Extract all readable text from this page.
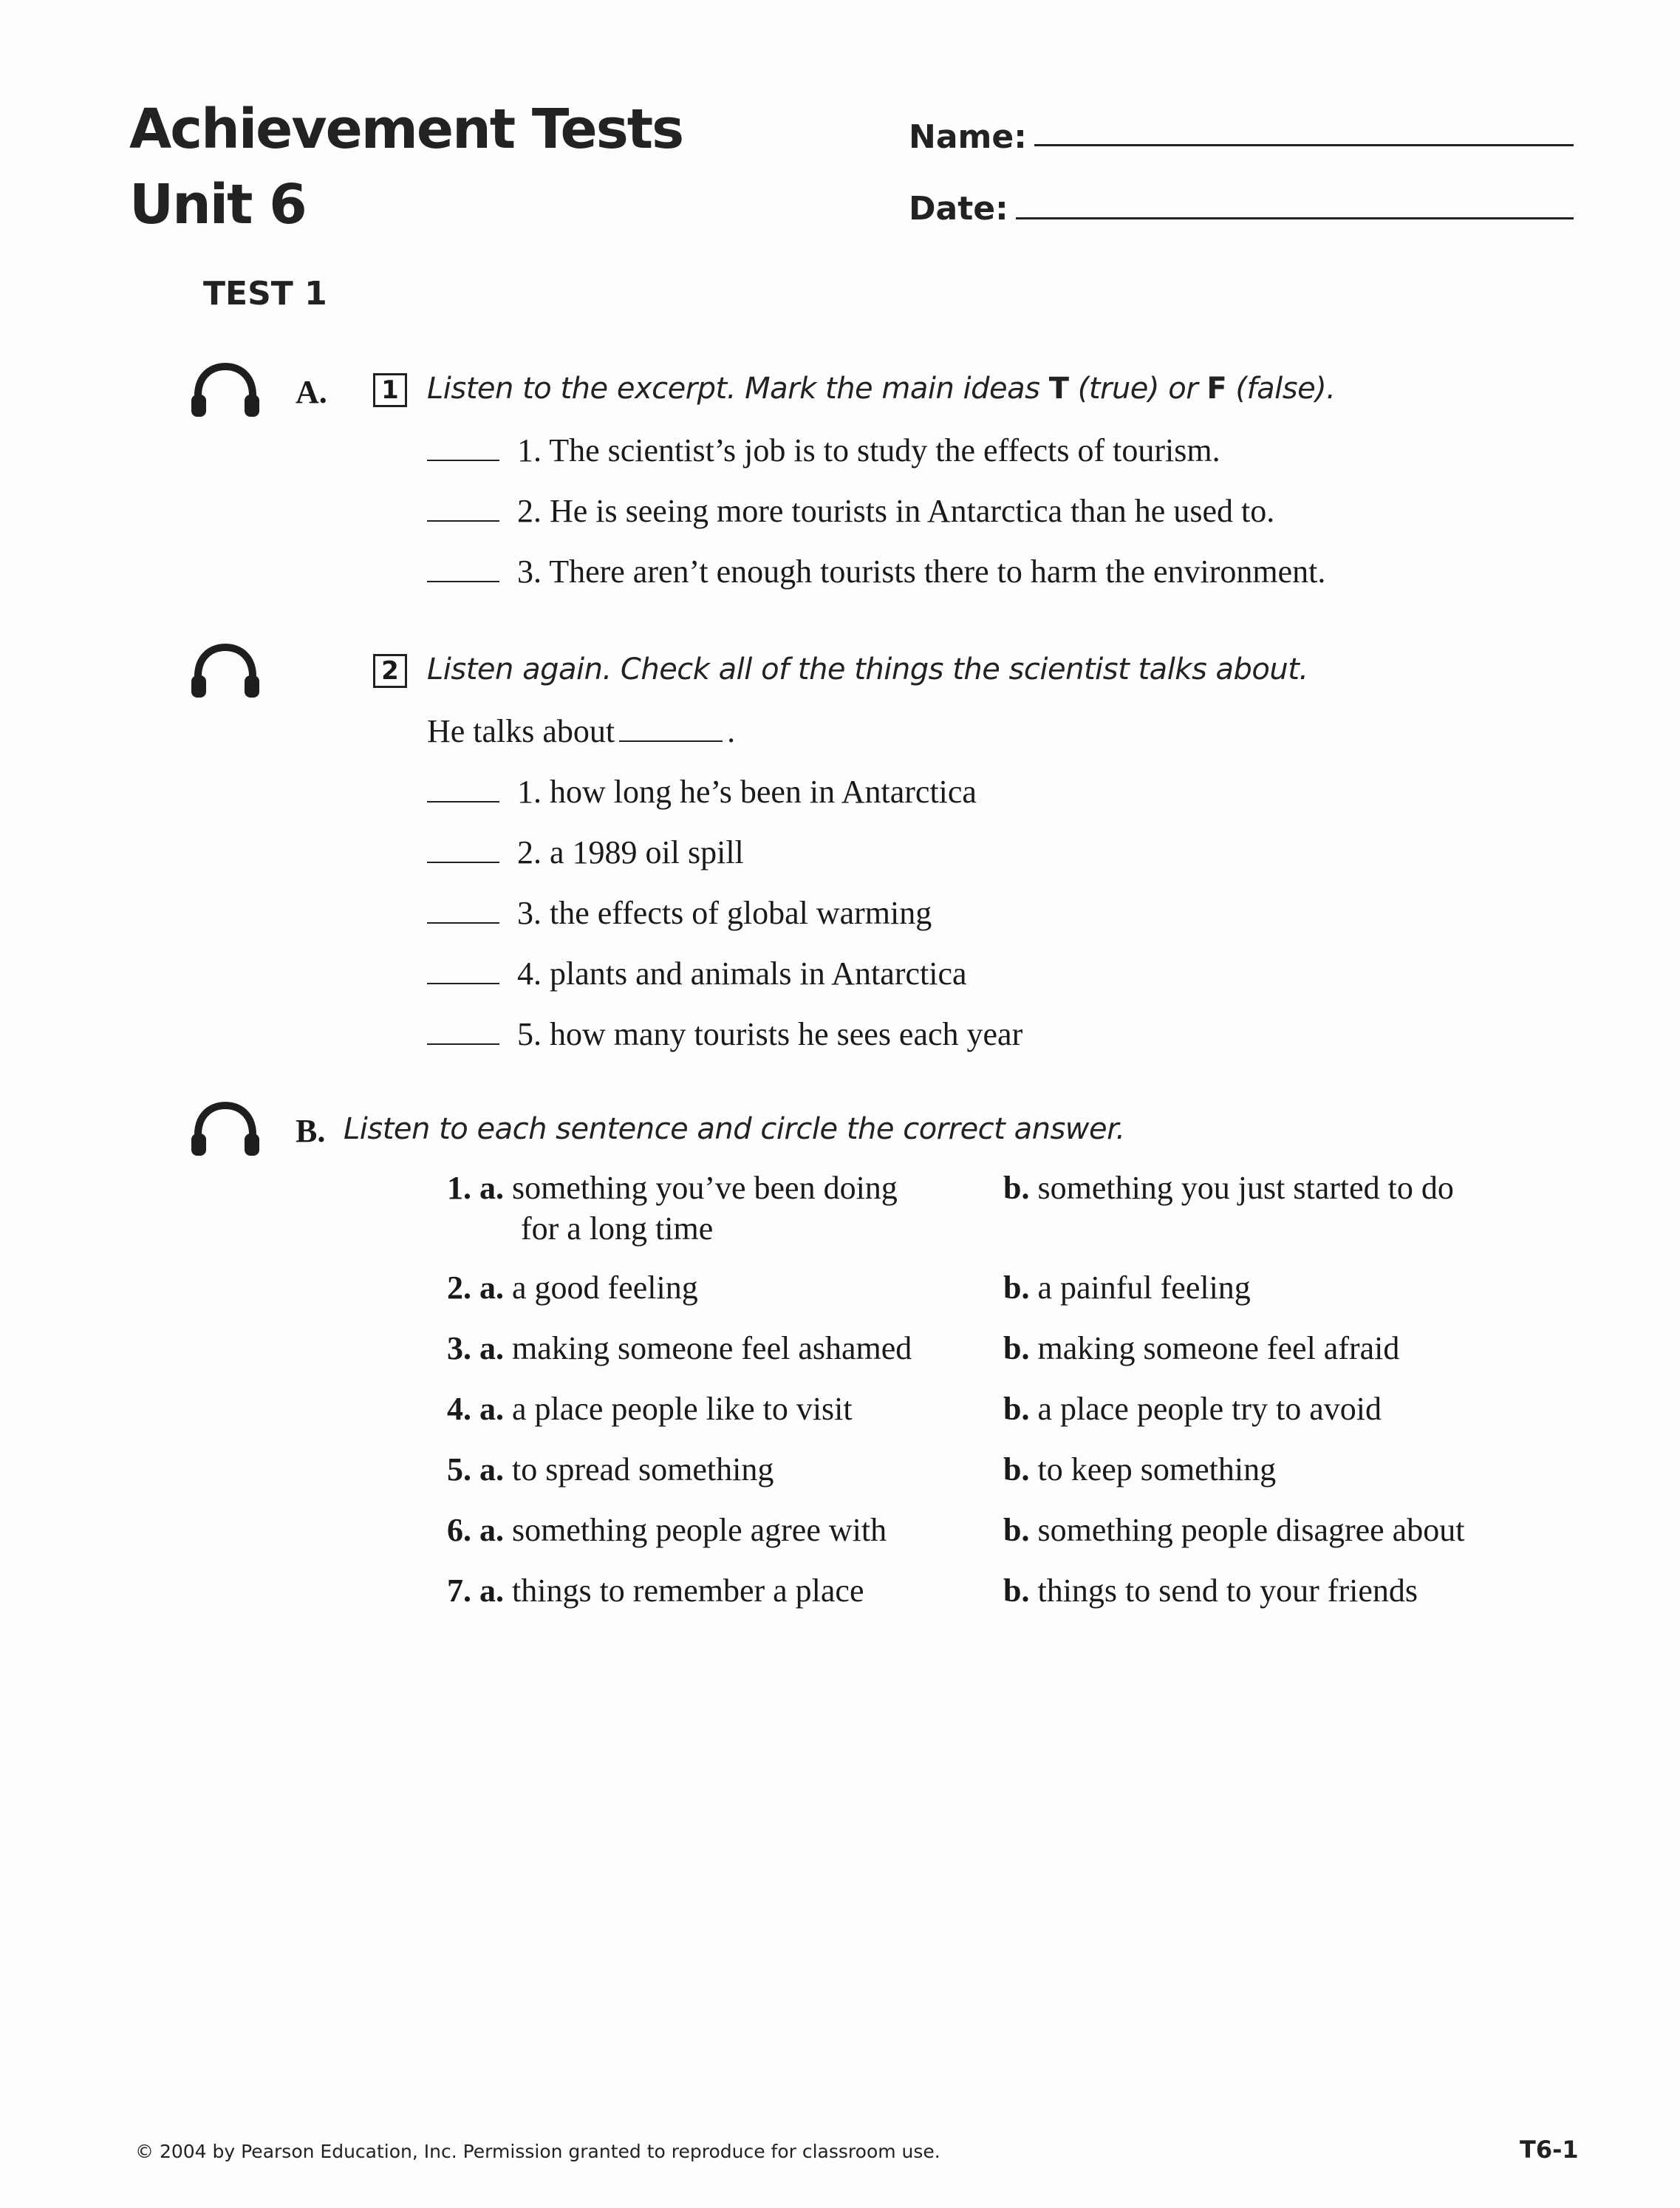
Achievement Tests
Unit 6
Name:
Date:
TEST 1
A.	1 Listen to the excerpt. Mark the main ideas T (true) or F (false).
1. The scientist’s job is to study the effects of tourism.
2. He is seeing more tourists in Antarctica than he used to.
3. There aren’t enough tourists there to harm the environment.
2 Listen again. Check all of the things the scientist talks about.
He talks about	.
1. how long he’s been in Antarctica
2. a 1989 oil spill
3. the effects of global warming
4. plants and animals in Antarctica
5. how many tourists he sees each year
B. Listen to each sentence and circle the correct answer.
1. a. something you’ve been doing
for a long time
b. something you just started to do
2. a. a good feeling	b. a painful feeling
3. a. making someone feel ashamed	b. making someone feel afraid
4. a. a place people like to visit	b. a place people try to avoid
5. a. to spread something	b. to keep something
6. a. something people agree with	b. something people disagree about
7. a. things to remember a place	b. things to send to your friends
© 2004 by Pearson Education, Inc. Permission granted to reproduce for classroom use.	T6-1
